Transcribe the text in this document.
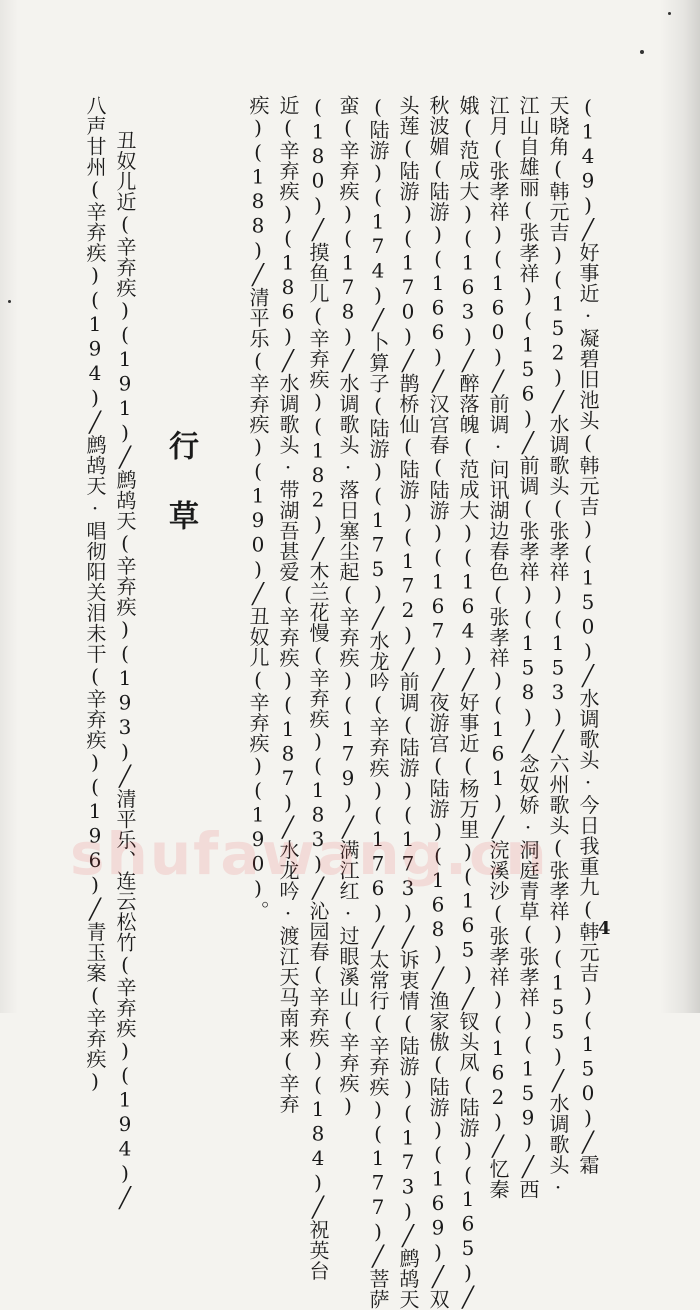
(149)╱好事近·凝碧旧池头(韩元吉)(150)╱水调歌头·今日我重九(韩元吉)(150)╱霜
天晓角(韩元吉)(152)╱水调歌头(张孝祥)(153)╱六州歌头(张孝祥)(155)╱水调歌头·
江山自雄丽(张孝祥)(156)╱前调(张孝祥)(158)╱念奴娇·洞庭青草(张孝祥)(159)╱西
江月(张孝祥)(160)╱前调·问讯湖边春色(张孝祥)(161)╱浣溪沙(张孝祥)(162)╱忆秦
娥(范成大)(163)╱醉落魄(范成大)(164)╱好事近(杨万里)(165)╱钗头凤(陆游)(165)╱
秋波媚(陆游)(166)╱汉宫春(陆游)(167)╱夜游宫(陆游)(168)╱渔家傲(陆游)(169)╱双
头莲(陆游)(170)╱鹊桥仙(陆游)(172)╱前调(陆游)(173)╱诉衷情(陆游)(173)╱鹧鸪天
(陆游)(174)╱卜算子(陆游)(175)╱水龙吟(辛弃疾)(176)╱太常行(辛弃疾)(177)╱菩萨
蛮(辛弃疾)(178)╱水调歌头·落日塞尘起(辛弃疾)(179)╱满江红·过眼溪山(辛弃疾)
(180)╱摸鱼儿(辛弃疾)(182)╱木兰花慢(辛弃疾)(183)╱沁园春(辛弃疾)(184)╱祝英台
近(辛弃疾)(186)╱水调歌头·带湖吾甚爱(辛弃疾)(187)╱水龙吟·渡江天马南来(辛弃
疾)(188)╱清平乐(辛弃疾)(190)╱丑奴儿(辛弃疾)(190)。
行草
丑奴儿近(辛弃疾)(191)╱鹧鸪天(辛弃疾)(193)╱清平乐、连云松竹(辛弃疾)(194)╱
八声甘州(辛弃疾)(194)╱鹧鸪天·唱彻阳关泪未干(辛弃疾)(196)╱青玉案(辛弃疾)
shufawang.cn
4
